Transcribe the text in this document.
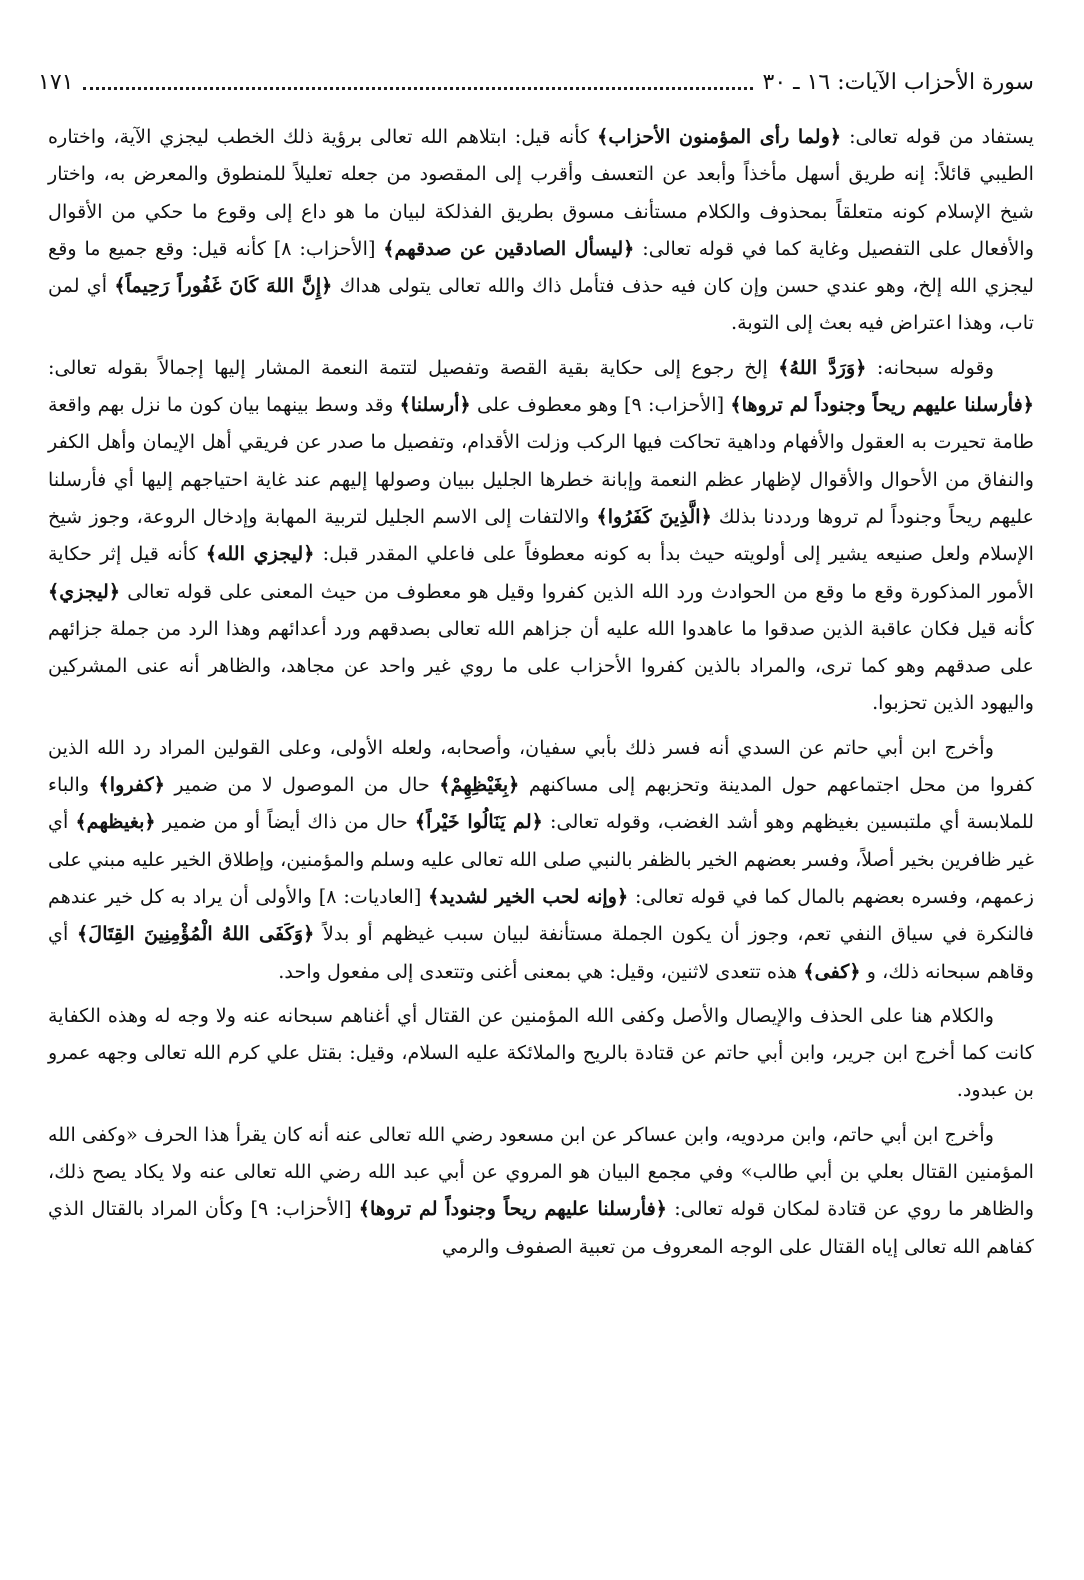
سورة الأحزاب الآيات: ١٦ ـ ٣٠
١٧١

يستفاد من قوله تعالى: ﴿ولما رأى المؤمنون الأحزاب﴾ كأنه قيل: ابتلاهم الله تعالى برؤية ذلك الخطب ليجزي الآية، واختاره الطيبي قائلاً: إنه طريق أسهل مأخذاً وأبعد عن التعسف وأقرب إلى المقصود من جعله تعليلاً للمنطوق والمعرض به، واختار شيخ الإسلام كونه متعلقاً بمحذوف والكلام مستأنف مسوق بطريق الفذلكة لبيان ما هو داع إلى وقوع ما حكي من الأقوال والأفعال على التفصيل وغاية كما في قوله تعالى: ﴿ليسأل الصادقين عن صدقهم﴾ [الأحزاب: ٨] كأنه قيل: وقع جميع ما وقع ليجزي الله إلخ، وهو عندي حسن وإن كان فيه حذف فتأمل ذاك والله تعالى يتولى هداك ﴿إِنَّ اللهَ كَانَ غَفُوراً رَحِيماً﴾ أي لمن تاب، وهذا اعتراض فيه بعث إلى التوبة.

وقوله سبحانه: ﴿وَرَدَّ اللهُ﴾ إلخ رجوع إلى حكاية بقية القصة وتفصيل لتتمة النعمة المشار إليها إجمالاً بقوله تعالى: ﴿فأرسلنا عليهم ريحاً وجنوداً لم تروها﴾ [الأحزاب: ٩] وهو معطوف على ﴿أرسلنا﴾ وقد وسط بينهما بيان كون ما نزل بهم واقعة طامة تحيرت به العقول والأفهام وداهية تحاكت فيها الركب وزلت الأقدام، وتفصيل ما صدر عن فريقي أهل الإيمان وأهل الكفر والنفاق من الأحوال والأقوال لإظهار عظم النعمة وإبانة خطرها الجليل ببيان وصولها إليهم عند غاية احتياجهم إليها أي فأرسلنا عليهم ريحاً وجنوداً لم تروها ورددنا بذلك ﴿الَّذِينَ كَفَرُوا﴾ والالتفات إلى الاسم الجليل لتربية المهابة وإدخال الروعة، وجوز شيخ الإسلام ولعل صنيعه يشير إلى أولويته حيث بدأ به كونه معطوفاً على فاعلي المقدر قبل: ﴿ليجزي الله﴾ كأنه قيل إثر حكاية الأمور المذكورة وقع ما وقع من الحوادث ورد الله الذين كفروا وقيل هو معطوف من حيث المعنى على قوله تعالى ﴿ليجزي﴾ كأنه قيل فكان عاقبة الذين صدقوا ما عاهدوا الله عليه أن جزاهم الله تعالى بصدقهم ورد أعدائهم وهذا الرد من جملة جزائهم على صدقهم وهو كما ترى، والمراد بالذين كفروا الأحزاب على ما روي غير واحد عن مجاهد، والظاهر أنه عنى المشركين واليهود الذين تحزبوا.

وأخرج ابن أبي حاتم عن السدي أنه فسر ذلك بأبي سفيان، وأصحابه، ولعله الأولى، وعلى القولين المراد رد الله الذين كفروا من محل اجتماعهم حول المدينة وتحزبهم إلى مساكنهم ﴿بِغَيْظِهِمْ﴾ حال من الموصول لا من ضمير ﴿كفروا﴾ والباء للملابسة أي ملتبسين بغيظهم وهو أشد الغضب، وقوله تعالى: ﴿لم يَنَالُوا خَيْراً﴾ حال من ذاك أيضاً أو من ضمير ﴿بغيظهم﴾ أي غير ظافرين بخير أصلاً، وفسر بعضهم الخير بالظفر بالنبي صلى الله تعالى عليه وسلم والمؤمنين، وإطلاق الخير عليه مبني على زعمهم، وفسره بعضهم بالمال كما في قوله تعالى: ﴿وإنه لحب الخير لشديد﴾ [العاديات: ٨] والأولى أن يراد به كل خير عندهم فالنكرة في سياق النفي تعم، وجوز أن يكون الجملة مستأنفة لبيان سبب غيظهم أو بدلاً ﴿وَكَفَى اللهُ الْمُؤْمِنِينَ القِتَالَ﴾ أي وقاهم سبحانه ذلك، و ﴿كفى﴾ هذه تتعدى لاثنين، وقيل: هي بمعنى أغنى وتتعدى إلى مفعول واحد.

والكلام هنا على الحذف والإيصال والأصل وكفى الله المؤمنين عن القتال أي أغناهم سبحانه عنه ولا وجه له وهذه الكفاية كانت كما أخرج ابن جرير، وابن أبي حاتم عن قتادة بالريح والملائكة عليه السلام، وقيل: بقتل علي كرم الله تعالى وجهه عمرو بن عبدود.

وأخرج ابن أبي حاتم، وابن مردويه، وابن عساكر عن ابن مسعود رضي الله تعالى عنه أنه كان يقرأ هذا الحرف «وكفى الله المؤمنين القتال بعلي بن أبي طالب» وفي مجمع البيان هو المروي عن أبي عبد الله رضي الله تعالى عنه ولا يكاد يصح ذلك، والظاهر ما روي عن قتادة لمكان قوله تعالى: ﴿فأرسلنا عليهم ريحاً وجنوداً لم تروها﴾ [الأحزاب: ٩] وكأن المراد بالقتال الذي كفاهم الله تعالى إياه القتال على الوجه المعروف من تعبية الصفوف والرمي
